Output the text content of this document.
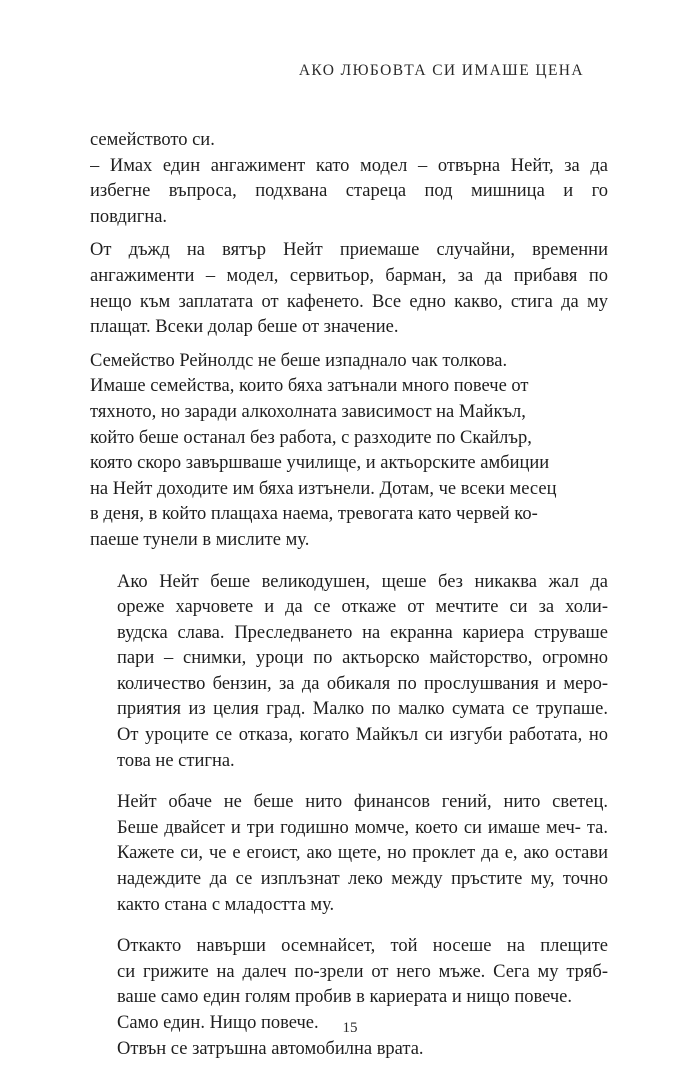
АКО ЛЮБОВТА СИ ИМАШЕ ЦЕНА
семейството си.
– Имах един ангажимент като модел – отвърна Нейт, за да
избегне въпроса, подхвана стареца под мишница и го
повдигна.
От дъжд на вятър Нейт приемаше случайни, временни
ангажименти – модел, сервитьор, барман, за да прибавя по
нещо към заплатата от кафенето. Все едно какво, стига да му
плащат. Всеки долар беше от значение.
Семейство Рейнолдс не беше изпаднало чак толкова.
Имаше семейства, които бяха затънали много повече от
тяхното, но заради алкохолната зависимост на Майкъл,
който беше останал без работа, с разходите по Скайлър,
която скоро завършваше училище, и актьорските амбиции
на Нейт доходите им бяха изтънели. Дотам, че всеки месец
в деня, в който плащаха наема, тревогата като червей ко-
паеше тунели в мислите му.
Ако Нейт беше великодушен, щеше без никаква жал да
ореже харчовете и да се откаже от мечтите си за холи-
вудска слава. Преследването на екранна кариера струваше
пари – снимки, уроци по актьорско майсторство, огромно
количество бензин, за да обикаля по прослушвания и меро-
приятия из целия град. Малко по малко сумата се трупаше.
От уроците се отказа, когато Майкъл си изгуби работата, но
това не стигна.
Нейт обаче не беше нито финансов гений, нито светец.
Беше двайсет и три годишно момче, което си имаше меч- та.
Кажете си, че е егоист, ако щете, но проклет да е, ако остави
надеждите да се изплъзнат леко между пръстите му, точно
както стана с младостта му.
Откакто навърши осемнайсет, той носеше на плещите
си грижите на далеч по-зрели от него мъже. Сега му тряб-
ваше само един голям пробив в кариерата и нищо повече.
Само един. Нищо повече.
Отвън се затръшна автомобилна врата.
15
